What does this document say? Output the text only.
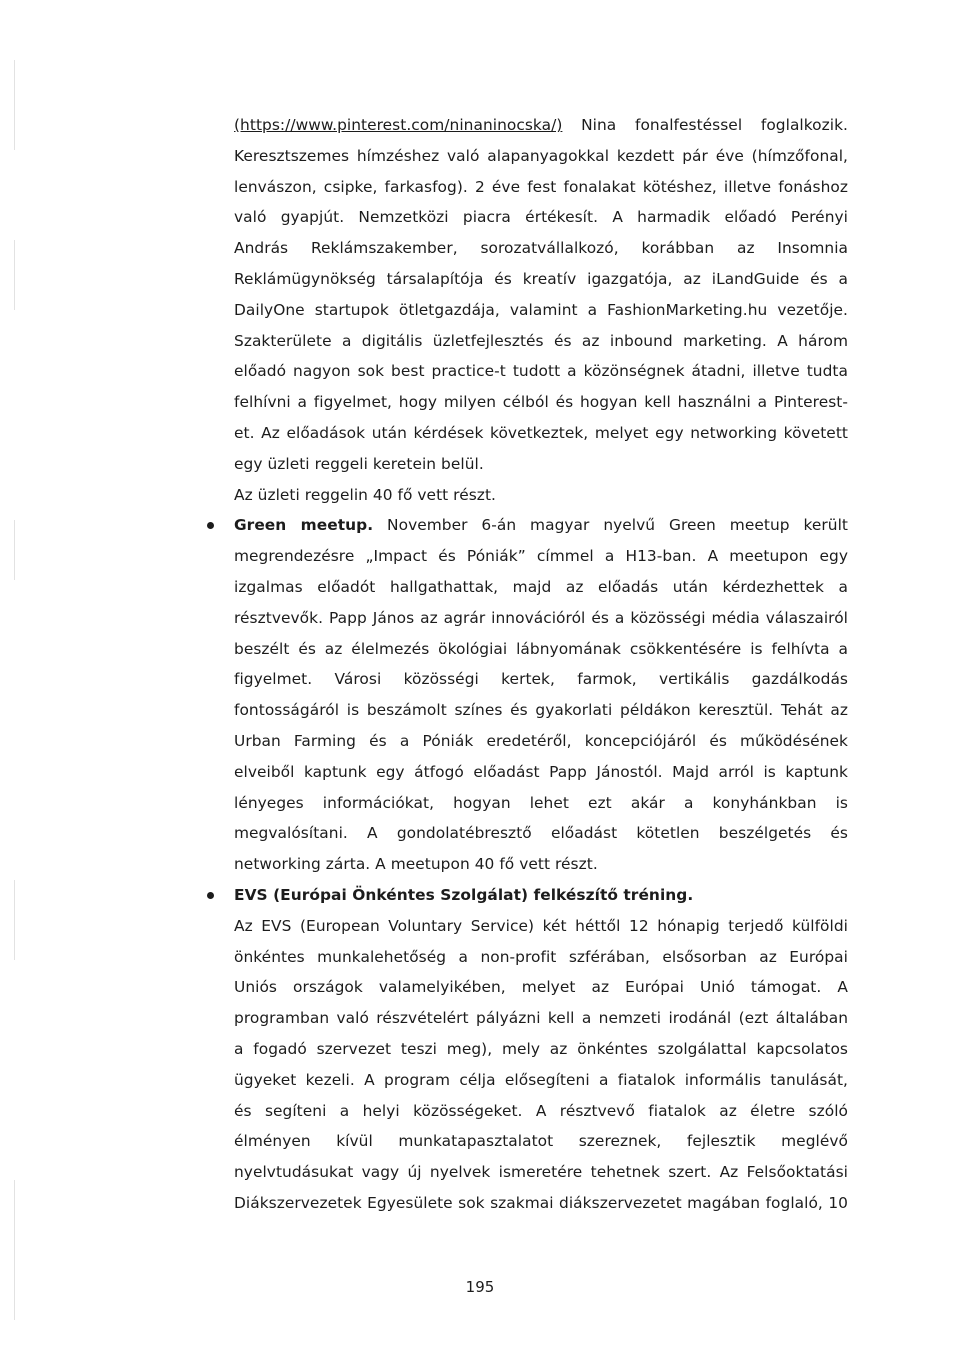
(https://www.pinterest.com/ninaninocska/) Nina fonalfestéssel foglalkozik.
Keresztszemes hímzéshez való alapanyagokkal kezdett pár éve (hímzőfonal,
lenvászon, csipke, farkasfog). 2 éve fest fonalakat kötéshez, illetve fonáshoz
való gyapjút. Nemzetközi piacra értékesít. A harmadik előadó Perényi
András Reklámszakember, sorozatvállalkozó, korábban az Insomnia
Reklámügynökség társalapítója és kreatív igazgatója, az iLandGuide és a
DailyOne startupok ötletgazdája, valamint a FashionMarketing.hu vezetője.
Szakterülete a digitális üzletfejlesztés és az inbound marketing. A három
előadó nagyon sok best practice-t tudott a közönségnek átadni, illetve tudta
felhívni a figyelmet, hogy milyen célból és hogyan kell használni a Pinterest-
et. Az előadások után kérdések következtek, melyet egy networking követett
egy üzleti reggeli keretein belül.
Az üzleti reggelin 40 fő vett részt.
Green meetup. November 6-án magyar nyelvű Green meetup került
megrendezésre „Impact és Póniák” címmel a H13-ban. A meetupon egy
izgalmas előadót hallgathattak, majd az előadás után kérdezhettek a
résztvevők. Papp János az agrár innovációról és a közösségi média válaszairól
beszélt és az élelmezés ökológiai lábnyomának csökkentésére is felhívta a
figyelmet. Városi közösségi kertek, farmok, vertikális gazdálkodás
fontosságáról is beszámolt színes és gyakorlati példákon keresztül. Tehát az
Urban Farming és a Póniák eredetéről, koncepciójáról és működésének
elveiből kaptunk egy átfogó előadást Papp Jánostól. Majd arról is kaptunk
lényeges információkat, hogyan lehet ezt akár a konyhánkban is
megvalósítani. A gondolatébresztő előadást kötetlen beszélgetés és
networking zárta. A meetupon 40 fő vett részt.
EVS (Európai Önkéntes Szolgálat) felkészítő tréning.
Az EVS (European Voluntary Service) két héttől 12 hónapig terjedő külföldi
önkéntes munkalehetőség a non-profit szférában, elsősorban az Európai
Uniós országok valamelyikében, melyet az Európai Unió támogat. A
programban való részvételért pályázni kell a nemzeti irodánál (ezt általában
a fogadó szervezet teszi meg), mely az önkéntes szolgálattal kapcsolatos
ügyeket kezeli. A program célja elősegíteni a fiatalok informális tanulását,
és segíteni a helyi közösségeket. A résztvevő fiatalok az életre szóló
élményen kívül munkatapasztalatot szereznek, fejlesztik meglévő
nyelvtudásukat vagy új nyelvek ismeretére tehetnek szert. Az Felsőoktatási
Diákszervezetek Egyesülete sok szakmai diákszervezetet magában foglaló, 10
195
